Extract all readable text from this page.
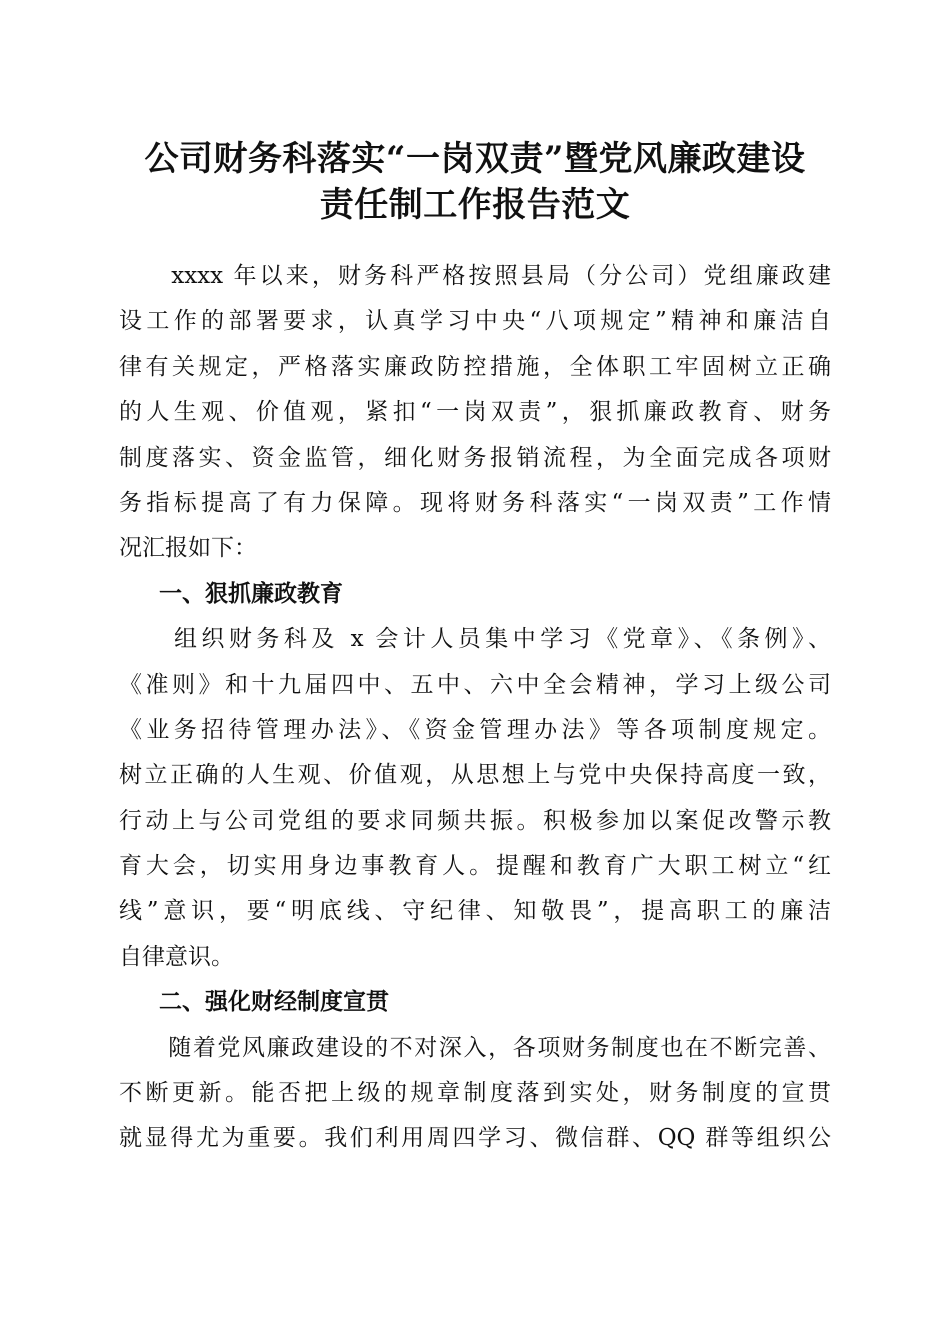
公司财务科落实“一岗双责”暨党风廉政建设
责任制工作报告范文
　　xxxx 年以来，财务科严格按照县局（分公司）党组廉政建
设工作的部署要求，认真学习中央“八项规定”精神和廉洁自
律有关规定，严格落实廉政防控措施，全体职工牢固树立正确
的人生观、价值观，紧扣“一岗双责”，狠抓廉政教育、财务
制度落实、资金监管，细化财务报销流程，为全面完成各项财
务指标提高了有力保障。现将财务科落实“一岗双责”工作情
况汇报如下：
一、狠抓廉政教育
　　组织财务科及 x 会计人员集中学习《党章》、《条例》、
《准则》和十九届四中、五中、六中全会精神，学习上级公司
《业务招待管理办法》、《资金管理办法》等各项制度规定。
树立正确的人生观、价值观，从思想上与党中央保持高度一致，
行动上与公司党组的要求同频共振。积极参加以案促改警示教
育大会，切实用身边事教育人。提醒和教育广大职工树立“红
线”意识，要“明底线、守纪律、知敬畏”，提高职工的廉洁
自律意识。
二、强化财经制度宣贯
　　随着党风廉政建设的不对深入，各项财务制度也在不断完善、
不断更新。能否把上级的规章制度落到实处，财务制度的宣贯
就显得尤为重要。我们利用周四学习、微信群、QQ 群等组织公
